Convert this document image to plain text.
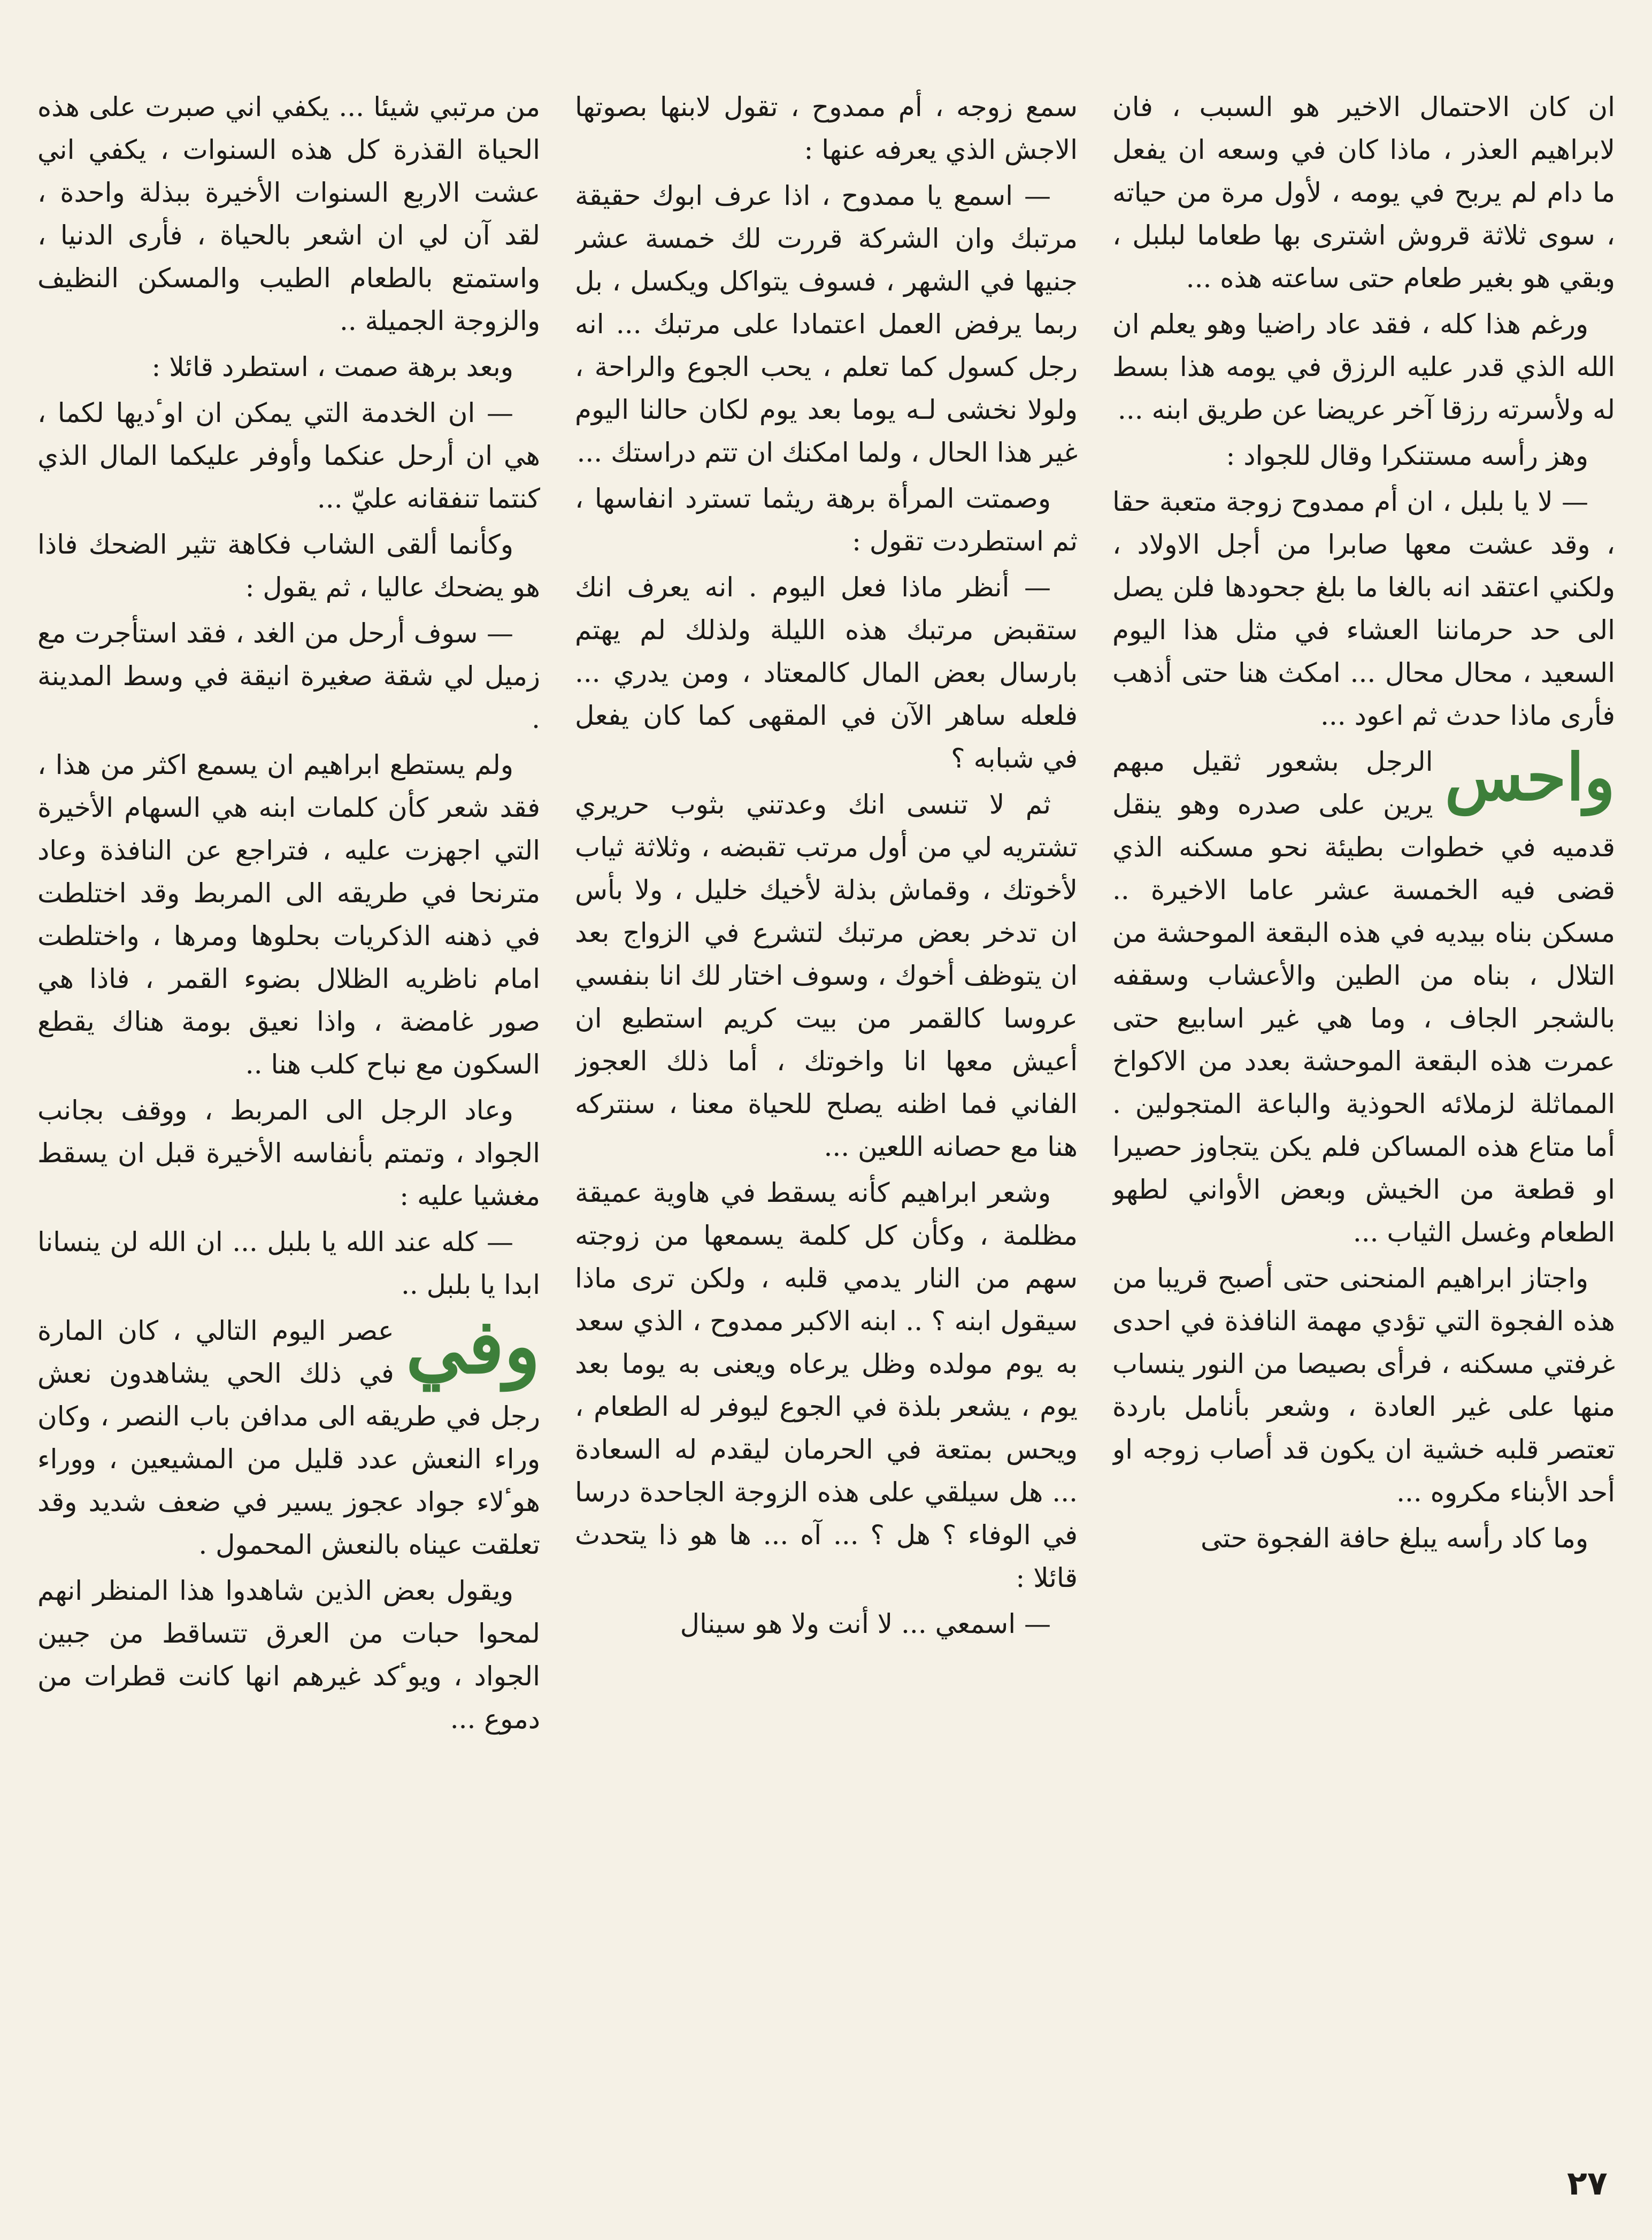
ان كان الاحتمال الاخير هو السبب ، فان لابراهيم العذر ، ماذا كان في وسعه ان يفعل ما دام لم يربح في يومه ، لأول مرة من حياته ، سوى ثلاثة قروش اشترى بها طعاما لبلبل ، وبقي هو بغير طعام حتى ساعته هذه ...

ورغم هذا كله ، فقد عاد راضيا وهو يعلم ان الله الذي قدر عليه الرزق في يومه هذا بسط له ولأسرته رزقا آخر عريضا عن طريق ابنه ...

وهز رأسه مستنكرا وقال للجواد :

— لا يا بلبل ، ان أم ممدوح زوجة متعبة حقا ، وقد عشت معها صابرا من أجل الاولاد ، ولكني اعتقد انه بالغا ما بلغ جحودها فلن يصل الى حد حرماننا العشاء في مثل هذا اليوم السعيد ، محال محال ... امكث هنا حتى أذهب فأرى ماذا حدث ثم اعود ...

واحس
الرجل بشعور ثقيل مبهم يرين على صدره وهو ينقل قدميه في خطوات بطيئة نحو مسكنه الذي قضى فيه الخمسة عشر عاما الاخيرة .. مسكن بناه بيديه في هذه البقعة الموحشة من التلال ، بناه من الطين والأعشاب وسقفه بالشجر الجاف ، وما هي غير اسابيع حتى عمرت هذه البقعة الموحشة بعدد من الاكواخ المماثلة لزملائه الحوذية والباعة المتجولين . أما متاع هذه المساكن فلم يكن يتجاوز حصيرا او قطعة من الخيش وبعض الأواني لطهو الطعام وغسل الثياب ...

واجتاز ابراهيم المنحنى حتى أصبح قريبا من هذه الفجوة التي تؤدي مهمة النافذة في احدى غرفتي مسكنه ، فرأى بصيصا من النور ينساب منها على غير العادة ، وشعر بأنامل باردة تعتصر قلبه خشية ان يكون قد أصاب زوجه او أحد الأبناء مكروه ...

وما كاد رأسه يبلغ حافة الفجوة حتى

سمع زوجه ، أم ممدوح ، تقول لابنها بصوتها الاجش الذي يعرفه عنها :

— اسمع يا ممدوح ، اذا عرف ابوك حقيقة مرتبك وان الشركة قررت لك خمسة عشر جنيها في الشهر ، فسوف يتواكل ويكسل ، بل ربما يرفض العمل اعتمادا على مرتبك ... انه رجل كسول كما تعلم ، يحب الجوع والراحة ، ولولا نخشى لـه يوما بعد يوم لكان حالنا اليوم غير هذا الحال ، ولما امكنك ان تتم دراستك ...

وصمتت المرأة برهة ريثما تسترد انفاسها ، ثم استطردت تقول :

— أنظر ماذا فعل اليوم . انه يعرف انك ستقبض مرتبك هذه الليلة ولذلك لم يهتم بارسال بعض المال كالمعتاد ، ومن يدري ... فلعله ساهر الآن في المقهى كما كان يفعل في شبابه ؟

ثم لا تنسى انك وعدتني بثوب حريري تشتريه لي من أول مرتب تقبضه ، وثلاثة ثياب لأخوتك ، وقماش بذلة لأخيك خليل ، ولا بأس ان تدخر بعض مرتبك لتشرع في الزواج بعد ان يتوظف أخوك ، وسوف اختار لك انا بنفسي عروسا كالقمر من بيت كريم استطيع ان أعيش معها انا واخوتك ، أما ذلك العجوز الفاني فما اظنه يصلح للحياة معنا ، سنتركه هنا مع حصانه اللعين ...

وشعر ابراهيم كأنه يسقط في هاوية عميقة مظلمة ، وكأن كل كلمة يسمعها من زوجته سهم من النار يدمي قلبه ، ولكن ترى ماذا سيقول ابنه ؟ .. ابنه الاكبر ممدوح ، الذي سعد به يوم مولده وظل يرعاه ويعنى به يوما بعد يوم ، يشعر بلذة في الجوع ليوفر له الطعام ، ويحس بمتعة في الحرمان ليقدم له السعادة ... هل سيلقي على هذه الزوجة الجاحدة درسا في الوفاء ؟ هل ؟ ... آه ... ها هو ذا يتحدث قائلا :

— اسمعي ... لا أنت ولا هو سينال

من مرتبي شيئا ... يكفي اني صبرت على هذه الحياة القذرة كل هذه السنوات ، يكفي اني عشت الاربع السنوات الأخيرة ببذلة واحدة ، لقد آن لي ان اشعر بالحياة ، فأرى الدنيا ، واستمتع بالطعام الطيب والمسكن النظيف والزوجة الجميلة ..

وبعد برهة صمت ، استطرد قائلا :

— ان الخدمة التي يمكن ان اوٴديها لكما ، هي ان أرحل عنكما وأوفر عليكما المال الذي كنتما تنفقانه عليّ ...

وكأنما ألقى الشاب فكاهة تثير الضحك فاذا هو يضحك عاليا ، ثم يقول :

— سوف أرحل من الغد ، فقد استأجرت مع زميل لي شقة صغيرة انيقة في وسط المدينة .

ولم يستطع ابراهيم ان يسمع اكثر من هذا ، فقد شعر كأن كلمات ابنه هي السهام الأخيرة التي اجهزت عليه ، فتراجع عن النافذة وعاد مترنحا في طريقه الى المربط وقد اختلطت في ذهنه الذكريات بحلوها ومرها ، واختلطت امام ناظريه الظلال بضوء القمر ، فاذا هي صور غامضة ، واذا نعيق بومة هناك يقطع السكون مع نباح كلب هنا ..

وعاد الرجل الى المربط ، ووقف بجانب الجواد ، وتمتم بأنفاسه الأخيرة قبل ان يسقط مغشيا عليه :

— كله عند الله يا بلبل ... ان الله لن ينسانا ابدا يا بلبل ..

وفي
عصر اليوم التالي ، كان المارة في ذلك الحي يشاهدون نعش رجل في طريقه الى مدافن باب النصر ، وكان وراء النعش عدد قليل من المشيعين ، ووراء هوٴلاء جواد عجوز يسير في ضعف شديد وقد تعلقت عيناه بالنعش المحمول .

ويقول بعض الذين شاهدوا هذا المنظر انهم لمحوا حبات من العرق تتساقط من جبين الجواد ، ويوٴكد غيرهم انها كانت قطرات من دموع ...

٢٧
